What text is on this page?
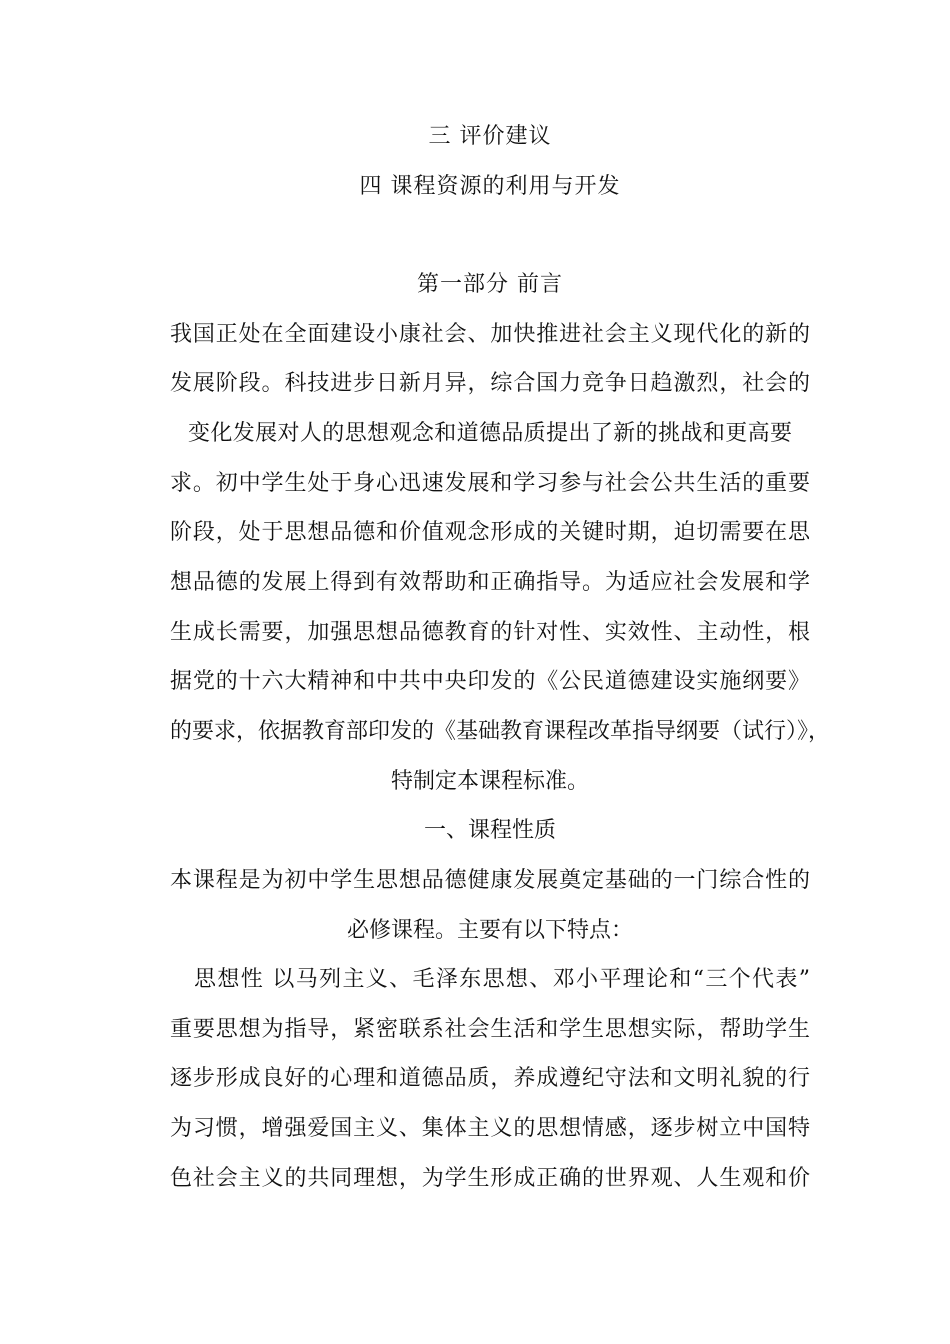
三 评价建议
四 课程资源的利用与开发
第一部分 前言
我国正处在全面建设小康社会、加快推进社会主义现代化的新的
发展阶段。科技进步日新月异，综合国力竞争日趋激烈，社会的
变化发展对人的思想观念和道德品质提出了新的挑战和更高要
求。初中学生处于身心迅速发展和学习参与社会公共生活的重要
阶段，处于思想品德和价值观念形成的关键时期，迫切需要在思
想品德的发展上得到有效帮助和正确指导。为适应社会发展和学
生成长需要，加强思想品德教育的针对性、实效性、主动性，根
据党的十六大精神和中共中央印发的《公民道德建设实施纲要》
的要求，依据教育部印发的《基础教育课程改革指导纲要（试行）》，
特制定本课程标准。
一、课程性质
本课程是为初中学生思想品德健康发展奠定基础的一门综合性的
必修课程。主要有以下特点：
思想性 以马列主义、毛泽东思想、邓小平理论和“三个代表”
重要思想为指导，紧密联系社会生活和学生思想实际，帮助学生
逐步形成良好的心理和道德品质，养成遵纪守法和文明礼貌的行
为习惯，增强爱国主义、集体主义的思想情感，逐步树立中国特
色社会主义的共同理想，为学生形成正确的世界观、人生观和价
